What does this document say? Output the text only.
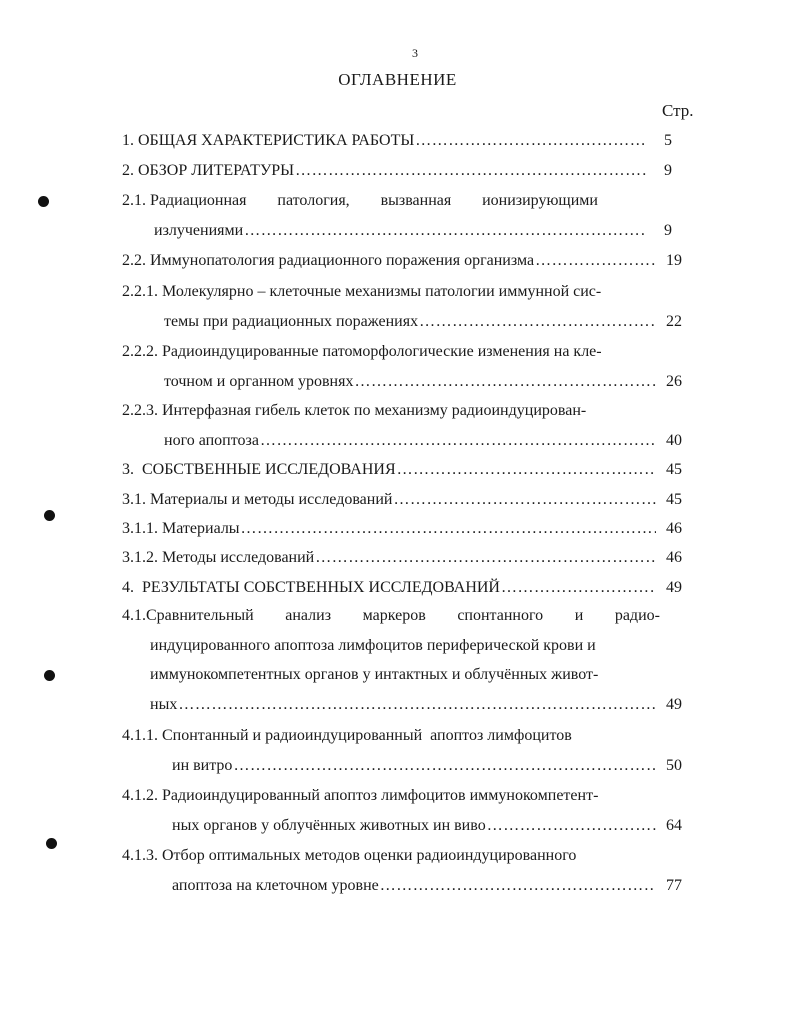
3
ОГЛАВНЕНИЕ
Стр.
1. ОБЩАЯ ХАРАКТЕРИСТИКА РАБОТЫ ……………………………………………………………………………………………………………………………………………………	5
2. ОБЗОР ЛИТЕРАТУРЫ ……………………………………………………………………………………………………………………………………………………	9
2.1. Радиационная патология, вызванная ионизирующими
излучениями ……………………………………………………………………………………………………………………………………………………	9
2.2. Иммунопатология радиационного поражения организма ……………………………………………………………………………………………………………………………………………………	19
2.2.1. Молекулярно – клеточные механизмы патологии иммунной сис-
темы при радиационных поражениях ……………………………………………………………………………………………………………………………………………………	22
2.2.2. Радиоиндуцированные патоморфологические изменения на кле-
точном и органном уровнях ……………………………………………………………………………………………………………………………………………………	26
2.2.3. Интерфазная гибель клеток по механизму радиоиндуцирован-
ного апоптоза ……………………………………………………………………………………………………………………………………………………	40
3.  СОБСТВЕННЫЕ ИССЛЕДОВАНИЯ ……………………………………………………………………………………………………………………………………………………	45
3.1. Материалы и методы исследований ……………………………………………………………………………………………………………………………………………………	45
3.1.1. Материалы ……………………………………………………………………………………………………………………………………………………	46
3.1.2. Методы исследований ……………………………………………………………………………………………………………………………………………………	46
4.  РЕЗУЛЬТАТЫ СОБСТВЕННЫХ ИССЛЕДОВАНИЙ ……………………………………………………………………………………………………………………………………………………	49
4.1.Сравнительный анализ маркеров спонтанного и радио-
индуцированного апоптоза лимфоцитов периферической крови и
иммунокомпетентных органов у интактных и облучённых живот-
ных ……………………………………………………………………………………………………………………………………………………	49
4.1.1. Спонтанный и радиоиндуцированный  апоптоз лимфоцитов
ин витро ……………………………………………………………………………………………………………………………………………………	50
4.1.2. Радиоиндуцированный апоптоз лимфоцитов иммунокомпетент-
ных органов у облучённых животных ин виво ……………………………………………………………………………………………………………………………………………………	64
4.1.3. Отбор оптимальных методов оценки радиоиндуцированного
апоптоза на клеточном уровне ……………………………………………………………………………………………………………………………………………………	77
